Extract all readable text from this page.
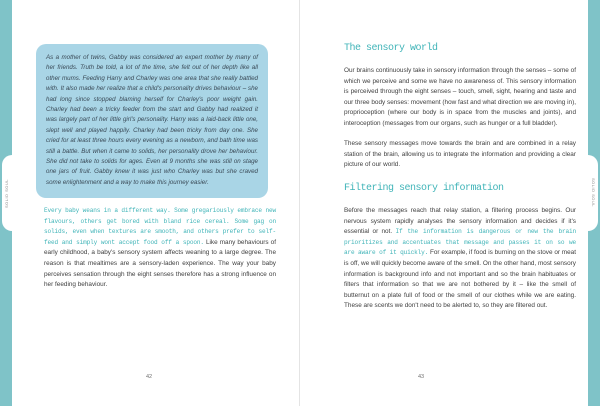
As a mother of twins, Gabby was considered an expert mother by many of her friends. Truth be told, a lot of the time, she felt out of her depth like all other mums. Feeding Harry and Charley was one area that she really battled with. It also made her realize that a child's personality drives behaviour – she had long since stopped blaming herself for Charley's poor weight gain. Charley had been a tricky feeder from the start and Gabby had realized it was largely part of her little girl's personality. Harry was a laid-back little one, slept well and played happily. Charley had been tricky from day one. She cried for at least three hours every evening as a newborn, and bath time was still a battle. But when it came to solids, her personality drove her behaviour. She did not take to solids for ages. Even at 9 months she was still on stage one jars of fruit. Gabby knew it was just who Charley was but she craved some enlightenment and a way to make this journey easier.
Every baby weans in a different way. Some gregariously embrace new flavours, others get bored with bland rice cereal. Some gag on solids, even when textures are smooth, and others prefer to self-feed and simply wont accept food off a spoon. Like many behaviours of early childhood, a baby's sensory system affects weaning to a large degree. The reason is that mealtimes are a sensory-laden experience. The way your baby perceives sensation through the eight senses therefore has a strong influence on her feeding behaviour.
42
The sensory world
Our brains continuously take in sensory information through the senses – some of which we perceive and some we have no awareness of. This sensory information is perceived through the eight senses – touch, smell, sight, hearing and taste and our three body senses: movement (how fast and what direction we are moving in), proprioception (where our body is in space from the muscles and joints), and interoception (messages from our organs, such as hunger or a full bladder).
These sensory messages move towards the brain and are combined in a relay station of the brain, allowing us to integrate the information and providing a clear picture of our world.
Filtering sensory information
Before the messages reach that relay station, a filtering process begins. Our nervous system rapidly analyses the sensory information and decides if it's essential or not. If the information is dangerous or new the brain prioritizes and accentuates that message and passes it on so we are aware of it quickly. For example, if food is burning on the stove or meat is off, we will quickly become aware of the smell. On the other hand, most sensory information is background info and not important and so the brain habituates or filters that information so that we are not bothered by it – like the smell of butternut on a plate full of food or the smell of our clothes while we are eating. These are scents we don't need to be alerted to, so they are filtered out.
43
SOLID SOUL	SOLID SOUL
